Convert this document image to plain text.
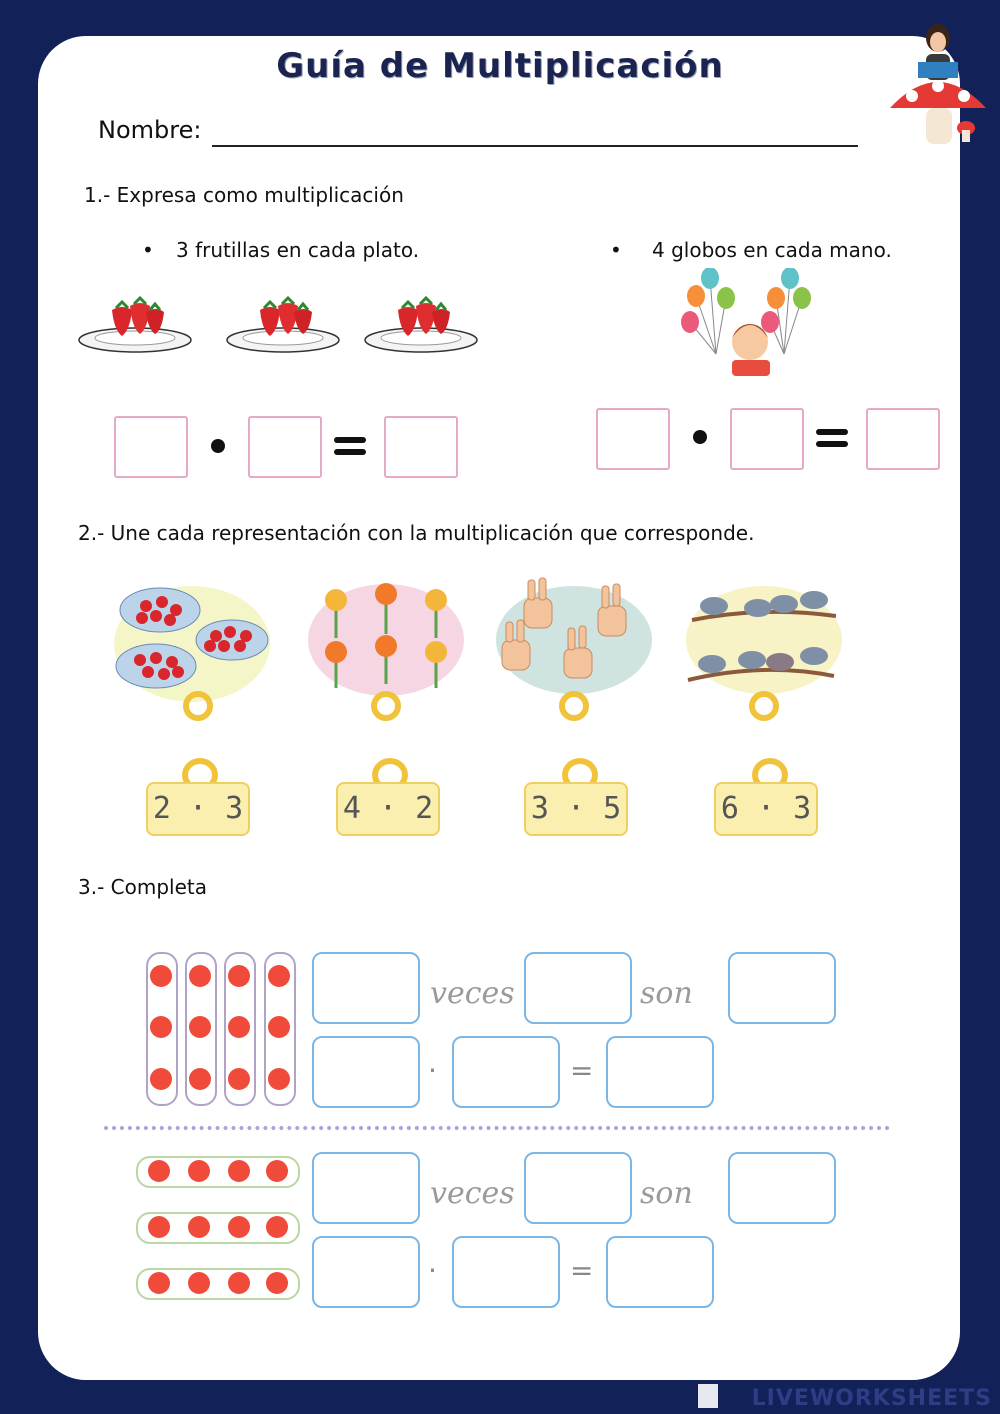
Guía de Multiplicación
Nombre:
1.- Expresa como multiplicación
• 3 frutillas en cada plato.	• 4 globos en cada mano.
2.- Une cada representación con la multiplicación que corresponde.
2 · 3	4 · 2	3 · 5	6 · 3
3.- Completa
veces	son
·	=
veces	son
·	=
LIVEWORKSHEETS
